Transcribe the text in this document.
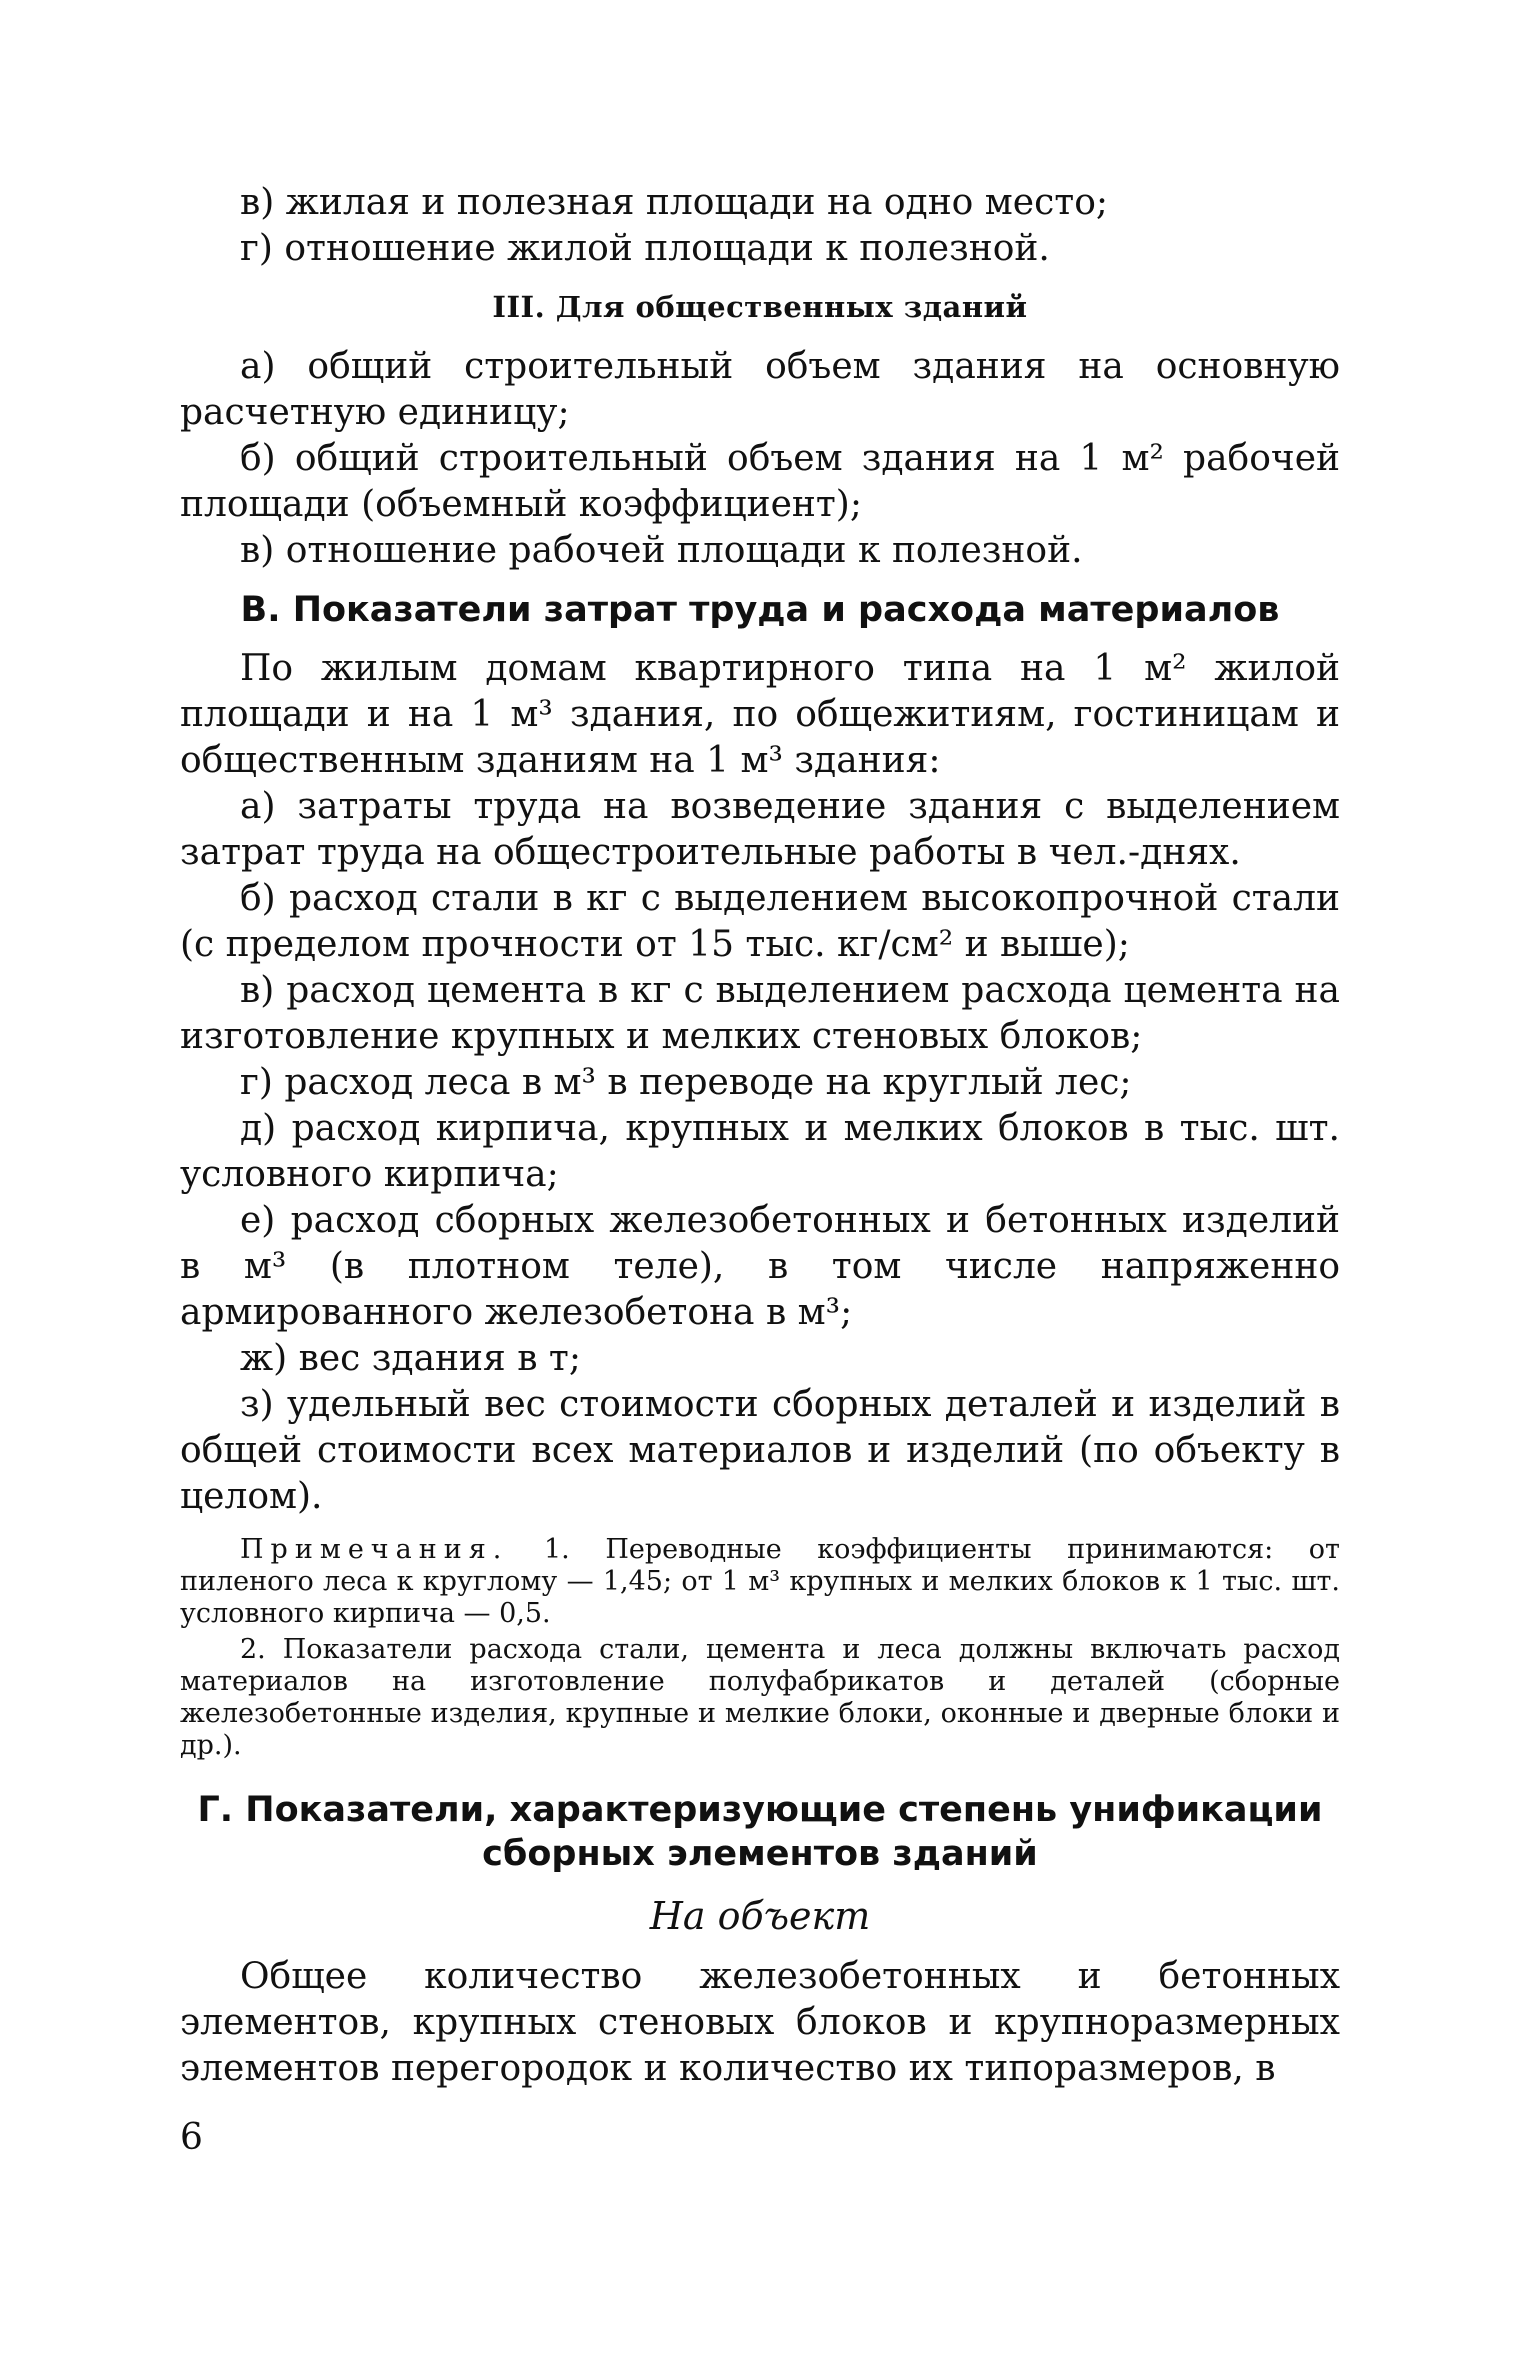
в) жилая и полезная площади на одно место;

г) отношение жилой площади к полезной.

III. Для общественных зданий

а) общий строительный объем здания на основную расчетную единицу;

б) общий строительный объем здания на 1 м² рабочей площади (объемный коэффициент);

в) отношение рабочей площади к полезной.

В. Показатели затрат труда и расхода материалов

По жилым домам квартирного типа на 1 м² жилой площади и на 1 м³ здания, по общежитиям, гостиницам и общественным зданиям на 1 м³ здания:

а) затраты труда на возведение здания с выделением затрат труда на общестроительные работы в чел.-днях.

б) расход стали в кг с выделением высокопрочной стали (с пределом прочности от 15 тыс. кг/см² и выше);

в) расход цемента в кг с выделением расхода цемента на изготовление крупных и мелких стеновых блоков;

г) расход леса в м³ в переводе на круглый лес;

д) расход кирпича, крупных и мелких блоков в тыс. шт. условного кирпича;

е) расход сборных железобетонных и бетонных изделий в м³ (в плотном теле), в том числе напряженно армированного железобетона в м³;

ж) вес здания в т;

з) удельный вес стоимости сборных деталей и изделий в общей стоимости всех материалов и изделий (по объекту в целом).

Примечания. 1. Переводные коэффициенты принимаются: от пиленого леса к круглому — 1,45; от 1 м³ крупных и мелких блоков к 1 тыс. шт. условного кирпича — 0,5.

2. Показатели расхода стали, цемента и леса должны включать расход материалов на изготовление полуфабрикатов и деталей (сборные железобетонные изделия, крупные и мелкие блоки, оконные и дверные блоки и др.).

Г. Показатели, характеризующие степень унификации
сборных элементов зданий

На объект

Общее количество железобетонных и бетонных элементов, крупных стеновых блоков и крупноразмерных элементов перегородок и количество их типоразмеров, в

6
